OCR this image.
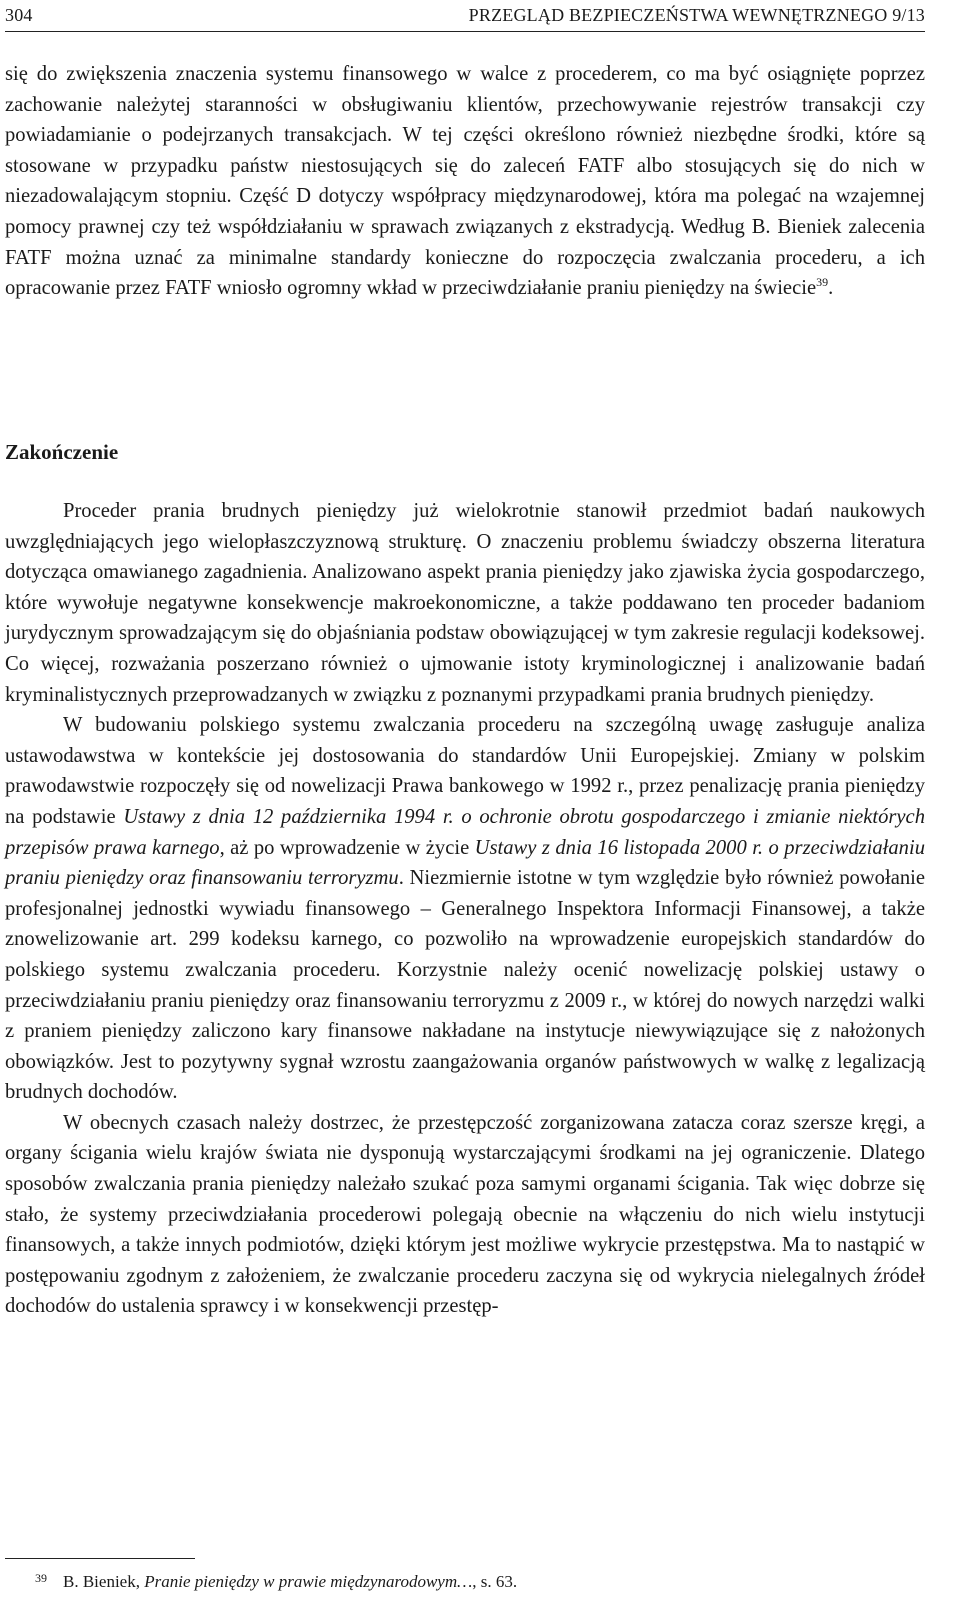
304	PRZEGLĄD BEZPIECZEŃSTWA WEWNĘTRZNEGO 9/13

się do zwiększenia znaczenia systemu finansowego w walce z procederem, co ma być osiągnięte poprzez zachowanie należytej staranności w obsługiwaniu klientów, przechowywanie rejestrów transakcji czy powiadamianie o podejrzanych transakcjach. W tej części określono również niezbędne środki, które są stosowane w przypadku państw niestosujących się do zaleceń FATF albo stosujących się do nich w niezadowalającym stopniu. Część D dotyczy współpracy międzynarodowej, która ma polegać na wzajemnej pomocy prawnej czy też współdziałaniu w sprawach związanych z ekstradycją. Według B. Bieniek zalecenia FATF można uznać za minimalne standardy konieczne do rozpoczęcia zwalczania procederu, a ich opracowanie przez FATF wniosło ogromny wkład w przeciwdziałanie praniu pieniędzy na świecie$^{39}$.

Zakończenie

Proceder prania brudnych pieniędzy już wielokrotnie stanowił przedmiot badań naukowych uwzględniających jego wielopłaszczyznową strukturę. O znaczeniu problemu świadczy obszerna literatura dotycząca omawianego zagadnienia. Analizowano aspekt prania pieniędzy jako zjawiska życia gospodarczego, które wywołuje negatywne konsekwencje makroekonomiczne, a także poddawano ten proceder badaniom jurydycznym sprowadzającym się do objaśniania podstaw obowiązującej w tym zakresie regulacji kodeksowej. Co więcej, rozważania poszerzano również o ujmowanie istoty kryminologicznej i analizowanie badań kryminalistycznych przeprowadzanych w związku z poznanymi przypadkami prania brudnych pieniędzy.

W budowaniu polskiego systemu zwalczania procederu na szczególną uwagę zasługuje analiza ustawodawstwa w kontekście jej dostosowania do standardów Unii Europejskiej. Zmiany w polskim prawodawstwie rozpoczęły się od nowelizacji Prawa bankowego w 1992 r., przez penalizację prania pieniędzy na podstawie Ustawy z dnia 12 października 1994 r. o ochronie obrotu gospodarczego i zmianie niektórych przepisów prawa karnego, aż po wprowadzenie w życie Ustawy z dnia 16 listopada 2000 r. o przeciwdziałaniu praniu pieniędzy oraz finansowaniu terroryzmu. Niezmiernie istotne w tym względzie było również powołanie profesjonalnej jednostki wywiadu finansowego – Generalnego Inspektora Informacji Finansowej, a także znowelizowanie art. 299 kodeksu karnego, co pozwoliło na wprowadzenie europejskich standardów do polskiego systemu zwalczania procederu. Korzystnie należy ocenić nowelizację polskiej ustawy o przeciwdziałaniu praniu pieniędzy oraz finansowaniu terroryzmu z 2009 r., w której do nowych narzędzi walki z praniem pieniędzy zaliczono kary finansowe nakładane na instytucje niewywiązujące się z nałożonych obowiązków. Jest to pozytywny sygnał wzrostu zaangażowania organów państwowych w walkę z legalizacją brudnych dochodów.

W obecnych czasach należy dostrzec, że przestępczość zorganizowana zatacza coraz szersze kręgi, a organy ścigania wielu krajów świata nie dysponują wystarczającymi środkami na jej ograniczenie. Dlatego sposobów zwalczania prania pieniędzy należało szukać poza samymi organami ścigania. Tak więc dobrze się stało, że systemy przeciwdziałania procederowi polegają obecnie na włączeniu do nich wielu instytucji finansowych, a także innych podmiotów, dzięki którym jest możliwe wykrycie przestępstwa. Ma to nastąpić w postępowaniu zgodnym z założeniem, że zwalczanie procederu zaczyna się od wykrycia nielegalnych źródeł dochodów do ustalenia sprawcy i w konsekwencji przestęp-

39 B. Bieniek, Pranie pieniędzy w prawie międzynarodowym…, s. 63.
